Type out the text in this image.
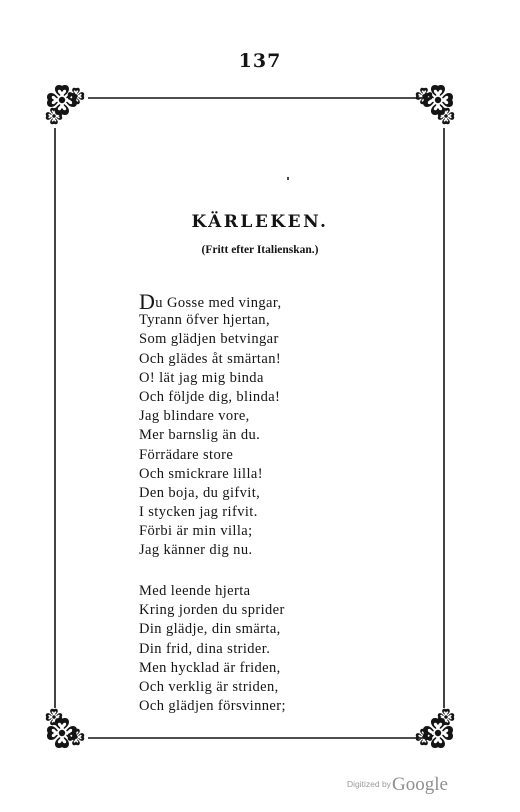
137
KÄRLEKEN.
(Fritt efter Italienskan.)
Du Gosse med vingar,
Tyrann öfver hjertan,
Som glädjen betvingar
Och glädes åt smärtan!
O! lät jag mig binda
Och följde dig, blinda!
Jag blindare vore,
Mer barnslig än du.
Förrädare store
Och smickrare lilla!
Den boja, du gifvit,
I stycken jag rifvit.
Förbi är min villa;
Jag känner dig nu.
Med leende hjerta
Kring jorden du sprider
Din glädje, din smärta,
Din frid, dina strider.
Men hycklad är friden,
Och verklig är striden,
Och glädjen försvinner;
Digitized by Google
